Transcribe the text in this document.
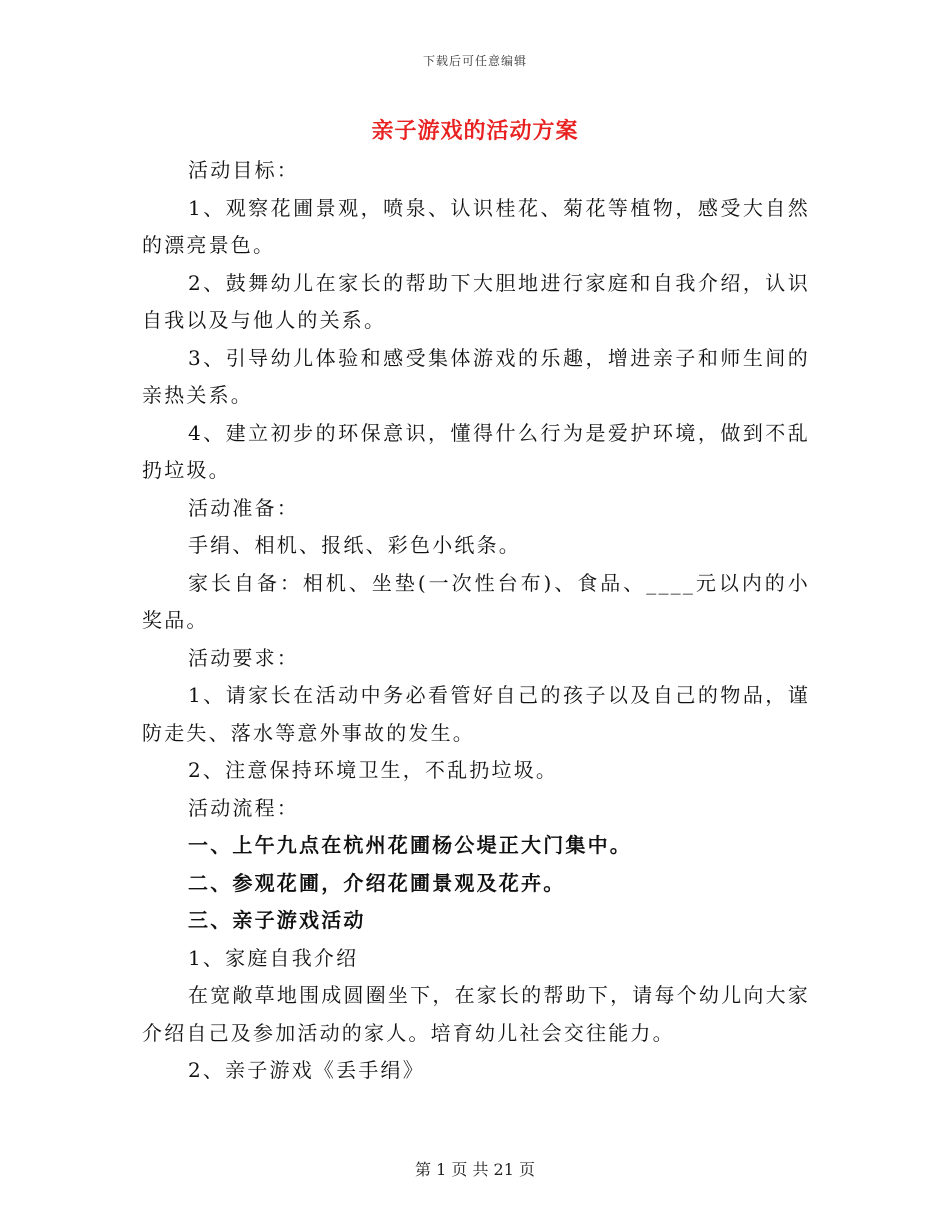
下载后可任意编辑
亲子游戏的活动方案

活动目标：

1、观察花圃景观，喷泉、认识桂花、菊花等植物，感受大自然的漂亮景色。

2、鼓舞幼儿在家长的帮助下大胆地进行家庭和自我介绍，认识自我以及与他人的关系。

3、引导幼儿体验和感受集体游戏的乐趣，增进亲子和师生间的亲热关系。

4、建立初步的环保意识，懂得什么行为是爱护环境，做到不乱扔垃圾。

活动准备：

手绢、相机、报纸、彩色小纸条。

家长自备：相机、坐垫(一次性台布)、食品、____元以内的小奖品。

活动要求：

1、请家长在活动中务必看管好自己的孩子以及自己的物品，谨防走失、落水等意外事故的发生。

2、注意保持环境卫生，不乱扔垃圾。

活动流程：

一、上午九点在杭州花圃杨公堤正大门集中。

二、参观花圃，介绍花圃景观及花卉。

三、亲子游戏活动

1、家庭自我介绍

在宽敞草地围成圆圈坐下，在家长的帮助下，请每个幼儿向大家介绍自己及参加活动的家人。培育幼儿社会交往能力。

2、亲子游戏《丢手绢》

第 1 页 共 21 页
